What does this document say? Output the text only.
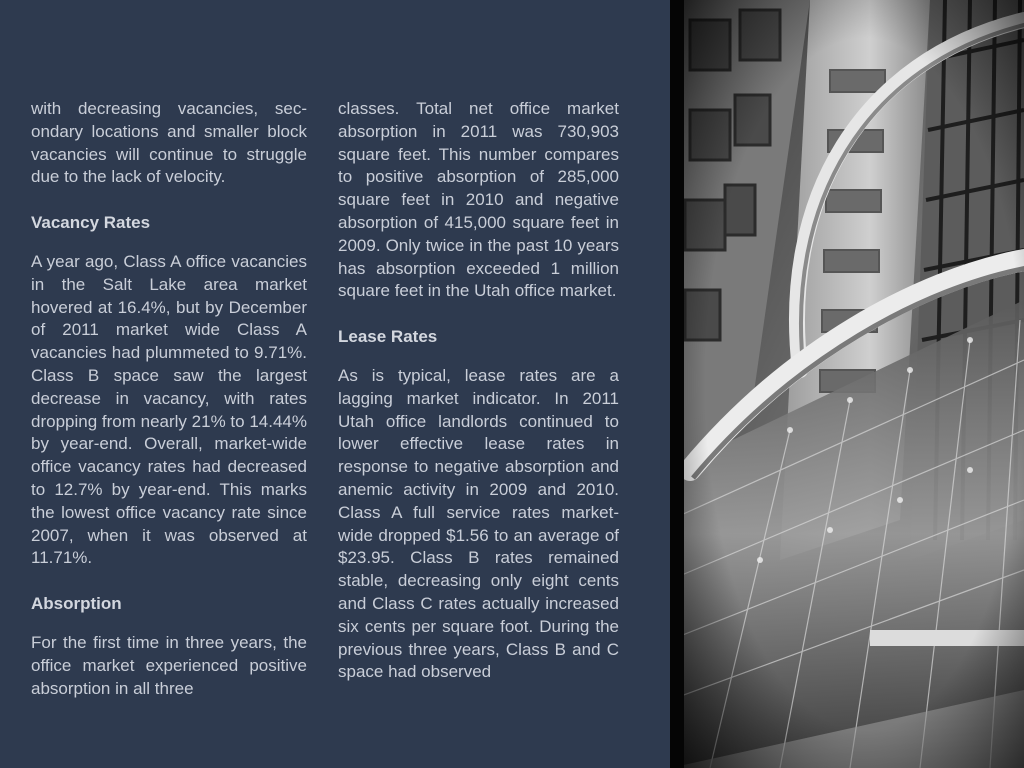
with decreasing vacancies, secondary locations and smaller block vacancies will continue to struggle due to the lack of velocity.

Vacancy Rates

A year ago, Class A office vacancies in the Salt Lake area market hovered at 16.4%, but by December of 2011 market wide Class A vacancies had plummeted to 9.71%. Class B space saw the largest decrease in vacancy, with rates dropping from nearly 21% to 14.44% by year-end. Overall, market-wide office vacancy rates had decreased to 12.7% by year-end. This marks the lowest office vacancy rate since 2007, when it was observed at 11.71%.

Absorption

For the first time in three years, the office market experienced positive absorption in all three

classes. Total net office market absorption in 2011 was 730,903 square feet. This number compares to positive absorption of 285,000 square feet in 2010 and negative absorption of 415,000 square feet in 2009. Only twice in the past 10 years has absorption exceeded 1 million square feet in the Utah office market.

Lease Rates

As is typical, lease rates are a lagging market indicator. In 2011 Utah office landlords continued to lower effective lease rates in response to negative absorption and anemic activity in 2009 and 2010. Class A full service rates market-wide dropped $1.56 to an average of $23.95. Class B rates remained stable, decreasing only eight cents and Class C rates actually increased six cents per square foot. During the previous three years, Class B and C space had observed
